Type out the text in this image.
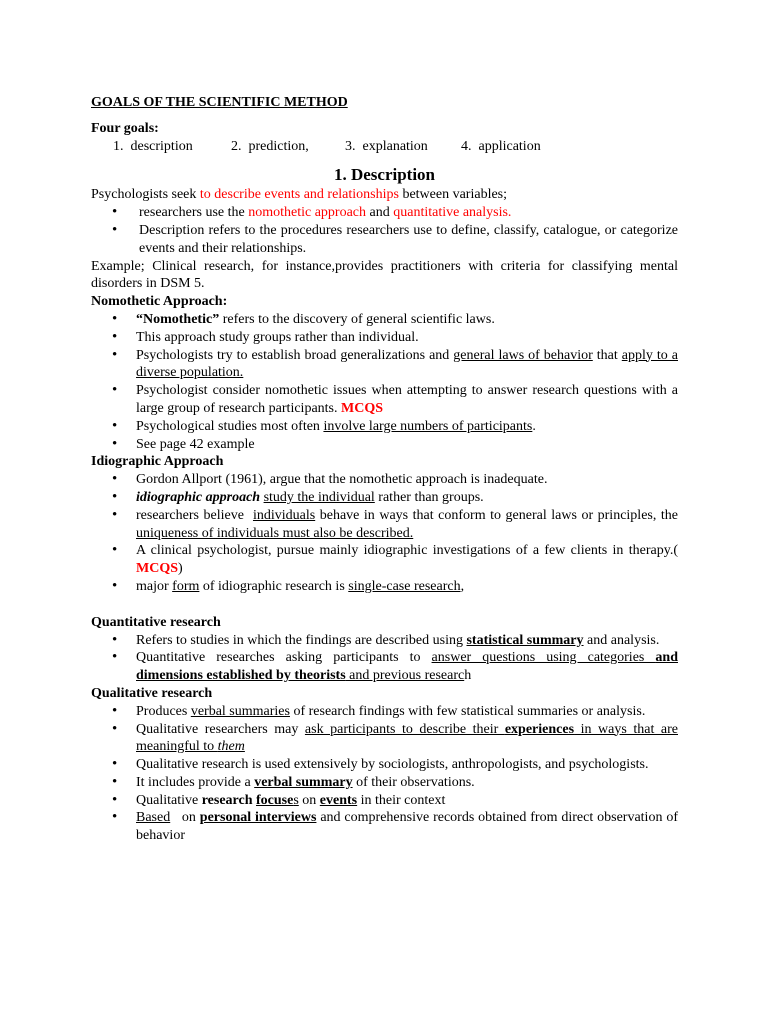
GOALS OF THE SCIENTIFIC METHOD
Four goals:
1. description	2. prediction,	3. explanation 4. application
1. Description

Psychologists seek to describe events and relationships between variables;

• researchers use the nomothetic approach and quantitative analysis.
• Description refers to the procedures researchers use to define, classify, catalogue, or categorize events and their relationships.

Example; Clinical research, for instance,provides practitioners with criteria for classifying mental disorders in DSM 5.

Nomothetic Approach:
• “Nomothetic” refers to the discovery of general scientific laws.
• This approach study groups rather than individual.
• Psychologists try to establish broad generalizations and general laws of behavior that apply to a diverse population.
• Psychologist consider nomothetic issues when attempting to answer research questions with a large group of research participants. MCQS
• Psychological studies most often involve large numbers of participants.
• See page 42 example
Idiographic Approach
• Gordon Allport (1961), argue that the nomothetic approach is inadequate.
• idiographic approach study the individual rather than groups.
• researchers believe  individuals behave in ways that conform to general laws or principles, the uniqueness of individuals must also be described.
• A clinical psychologist, pursue mainly idiographic investigations of a few clients in therapy.( MCQS)
• major form of idiographic research is single-case research,
Quantitative research
• Refers to studies in which the findings are described using statistical summary and analysis.
• Quantitative researches asking participants to answer questions using categories and dimensions established by theorists and previous research
Qualitative research
• Produces verbal summaries of research findings with few statistical summaries or analysis.
• Qualitative researchers may ask participants to describe their experiences in ways that are meaningful to them
• Qualitative research is used extensively by sociologists, anthropologists, and psychologists.
• It includes provide a verbal summary of their observations.
• Qualitative research focuses on events in their context
• Based   on personal interviews and comprehensive records obtained from direct observation of behavior
